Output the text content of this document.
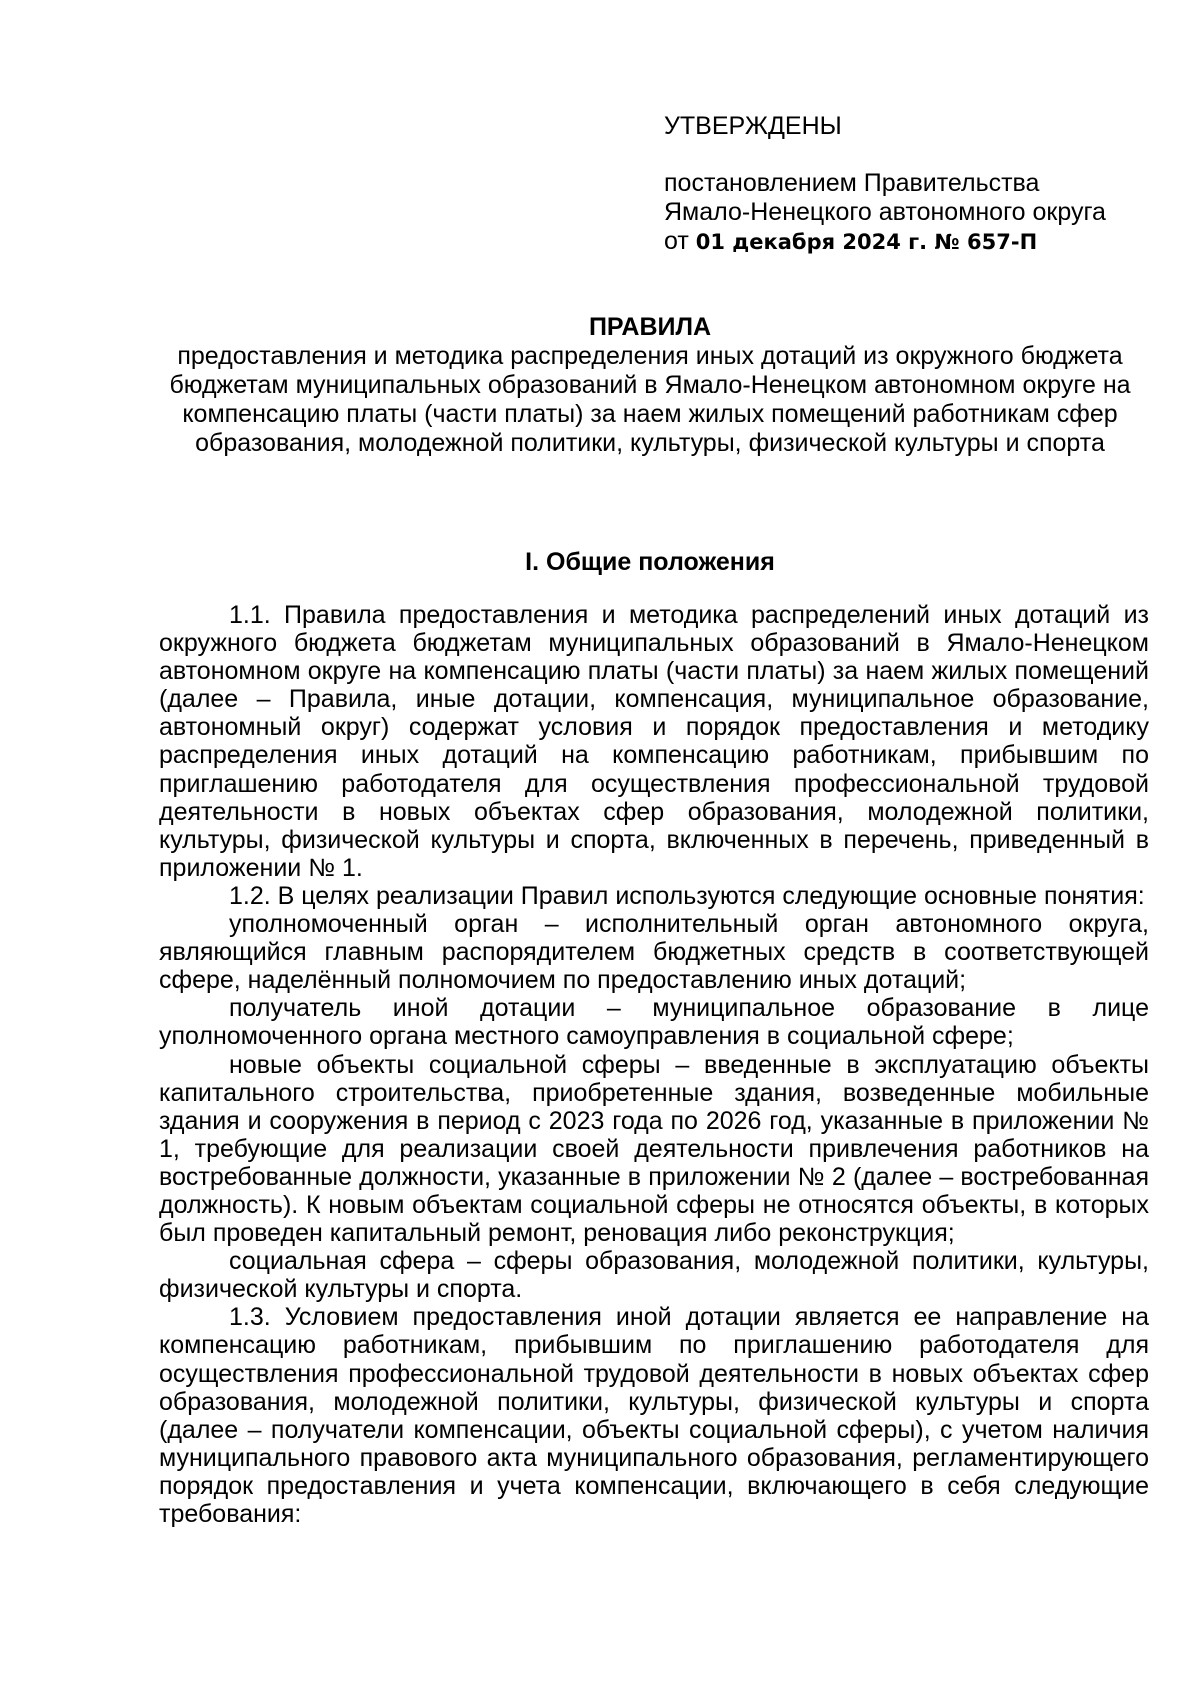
УТВЕРЖДЕНЫ
постановлением Правительства
Ямало-Ненецкого автономного округа
от 01 декабря 2024 г. № 657-П
ПРАВИЛА
предоставления и методика распределения иных дотаций из окружного бюджета бюджетам муниципальных образований в Ямало-Ненецком автономном округе на компенсацию платы (части платы) за наем жилых помещений работникам сфер образования, молодежной политики, культуры, физической культуры и спорта
I. Общие положения

1.1. Правила предоставления и методика распределений иных дотаций из окружного бюджета бюджетам муниципальных образований в Ямало-Ненецком автономном округе на компенсацию платы (части платы) за наем жилых помещений (далее – Правила, иные дотации, компенсация, муниципальное образование, автономный округ) содержат условия и порядок предоставления и методику распределения иных дотаций на компенсацию работникам, прибывшим по приглашению работодателя для осуществления профессиональной трудовой деятельности в новых объектах сфер образования, молодежной политики, культуры, физической культуры и спорта, включенных в перечень, приведенный в приложении № 1.

1.2. В целях реализации Правил используются следующие основные понятия:

уполномоченный орган – исполнительный орган автономного округа, являющийся главным распорядителем бюджетных средств в соответствующей сфере, наделённый полномочием по предоставлению иных дотаций;

получатель иной дотации – муниципальное образование в лице уполномоченного органа местного самоуправления в социальной сфере;

новые объекты социальной сферы – введенные в эксплуатацию объекты капитального строительства, приобретенные здания, возведенные мобильные здания и сооружения в период с 2023 года по 2026 год, указанные в приложении № 1, требующие для реализации своей деятельности привлечения работников на востребованные должности, указанные в приложении № 2 (далее – востребованная должность). К новым объектам социальной сферы не относятся объекты, в которых был проведен капитальный ремонт, реновация либо реконструкция;

социальная сфера – сферы образования, молодежной политики, культуры, физической культуры и спорта.

1.3. Условием предоставления иной дотации является ее направление на компенсацию работникам, прибывшим по приглашению работодателя для осуществления профессиональной трудовой деятельности в новых объектах сфер образования, молодежной политики, культуры, физической культуры и спорта (далее – получатели компенсации, объекты социальной сферы), с учетом наличия муниципального правового акта муниципального образования, регламентирующего порядок предоставления и учета компенсации, включающего в себя следующие требования:
